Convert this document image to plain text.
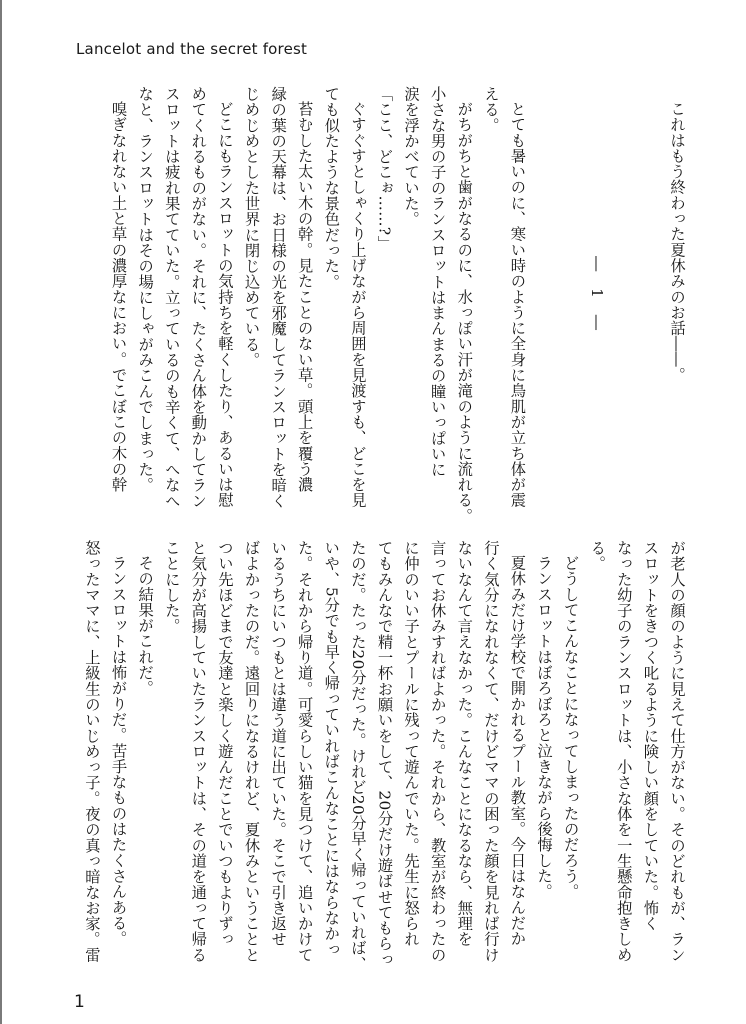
Lancelot and the secret forest

これはもう終わった夏休みのお話――。

― 1 ―

とても暑いのに、寒い時のように全身に鳥肌が立ち体が震

える。

がちがちと歯がなるのに、水っぽい汗が滝のように流れる。

小さな男の子のランスロットはまんまるの瞳いっぱいに

涙を浮かべていた。

「ここ、どこぉ……?」

ぐすぐすとしゃくり上げながら周囲を見渡すも、どこを見

ても似たような景色だった。

苔むした太い木の幹。見たことのない草。頭上を覆う濃

緑の葉の天幕は、お日様の光を邪魔してランスロットを暗く

じめじめとした世界に閉じ込めている。

どこにもランスロットの気持ちを軽くしたり、あるいは慰

めてくれるものがない。それに、たくさん体を動かしてラン

スロットは疲れ果てていた。立っているのも辛くて、へなへ

なと、ランスロットはその場にしゃがみこんでしまった。

嗅ぎなれない土と草の濃厚なにおい。でこぼこの木の幹

が老人の顔のように見えて仕方がない。そのどれもが、ラン

スロットをきつく叱るように険しい顔をしていた。怖く

なった幼子のランスロットは、小さな体を一生懸命抱きしめ

る。

どうしてこんなことになってしまったのだろう。

ランスロットはぼろぼろと泣きながら後悔した。

夏休みだけ学校で開かれるプール教室。今日はなんだか

行く気分になれなくて、だけどママの困った顔を見れば行け

ないなんて言えなかった。こんなことになるなら、無理を

言ってお休みすればよかった。それから、教室が終わったの

に仲のいい子とプールに残って遊んでいた。先生に怒られ

てもみんなで精一杯お願いをして、20分だけ遊ばせてもらっ

たのだ。たった20分だった。けれど20分早く帰っていれば、

いや、5分でも早く帰っていればこんなことにはならなかっ

た。それから帰り道。可愛らしい猫を見つけて、追いかけて

いるうちにいつもとは違う道に出ていた。そこで引き返せ

ばよかったのだ。遠回りになるけれど、夏休みということと

つい先ほどまで友達と楽しく遊んだことでいつもよりずっ

と気分が高揚していたランスロットは、その道を通って帰る

ことにした。

その結果がこれだ。

ランスロットは怖がりだ。苦手なものはたくさんある。

怒ったママに、上級生のいじめっ子。夜の真っ暗なお家。雷

1
